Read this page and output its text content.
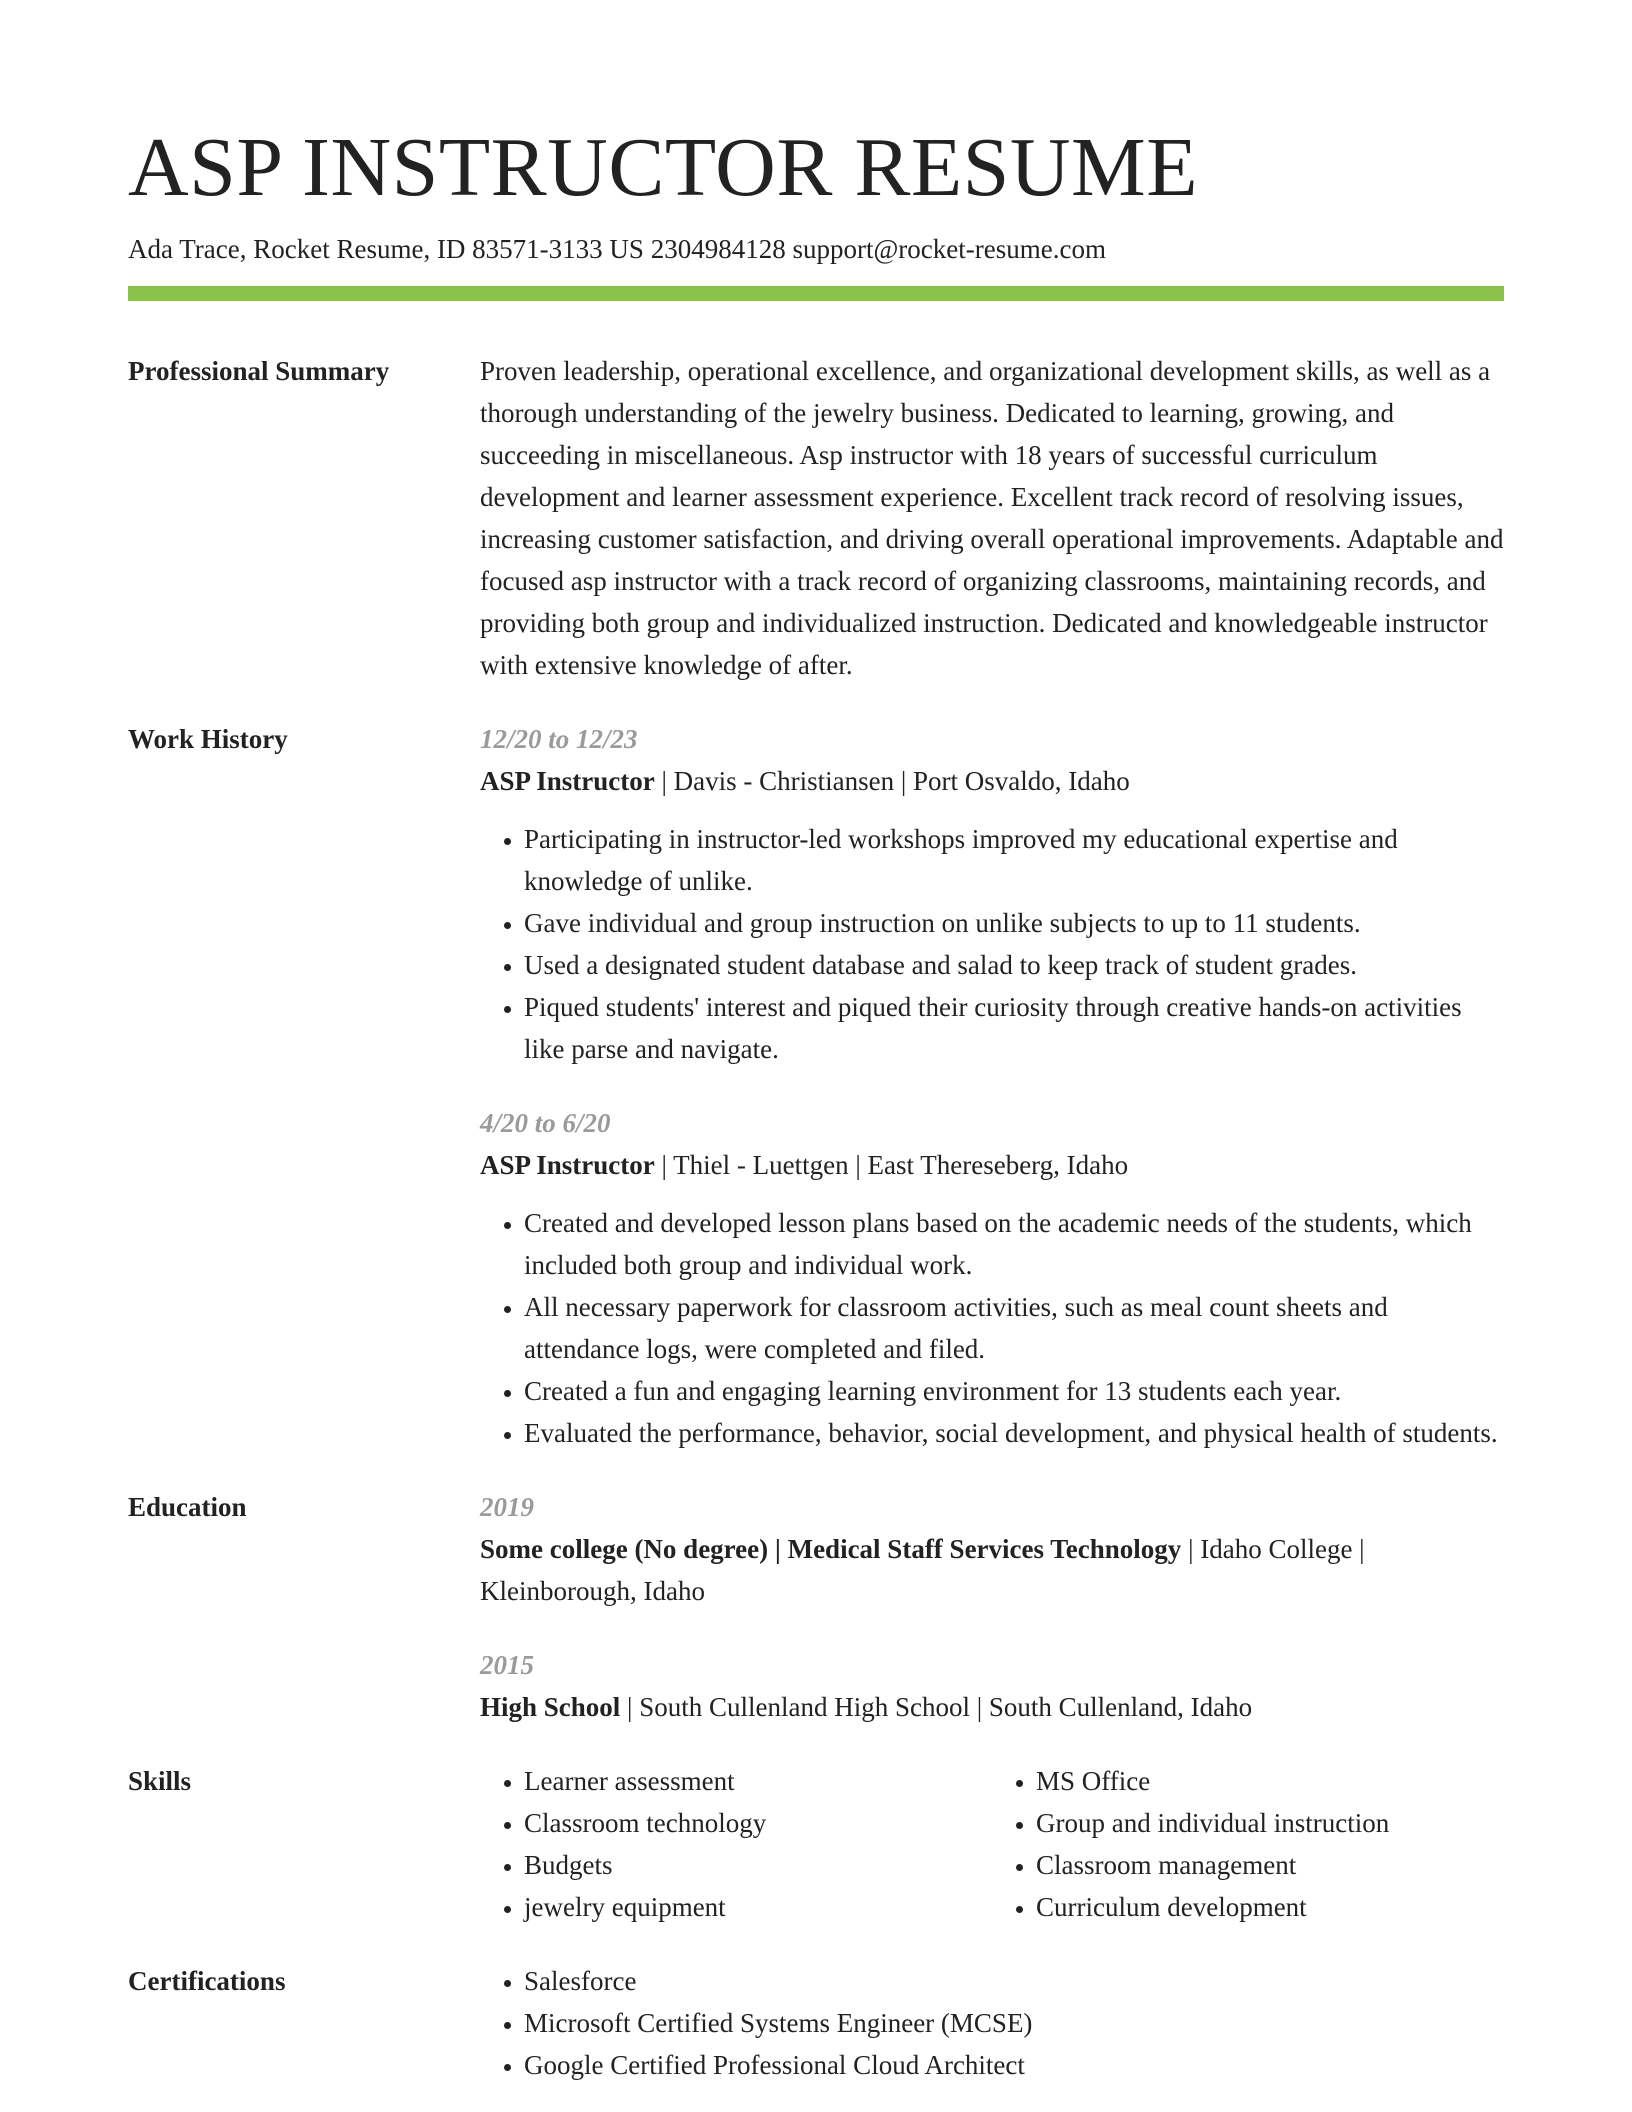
ASP INSTRUCTOR RESUME
Ada Trace, Rocket Resume, ID 83571-3133 US 2304984128 support@rocket-resume.com
Professional Summary	Proven leadership, operational excellence, and organizational development skills, as well as a thorough understanding of the jewelry business. Dedicated to learning, growing, and succeeding in miscellaneous. Asp instructor with 18 years of successful curriculum development and learner assessment experience. Excellent track record of resolving issues, increasing customer satisfaction, and driving overall operational improvements. Adaptable and focused asp instructor with a track record of organizing classrooms, maintaining records, and providing both group and individualized instruction. Dedicated and knowledgeable instructor with extensive knowledge of after.

Work History	12/20 to 12/23
ASP Instructor | Davis - Christiansen | Port Osvaldo, Idaho
• Participating in instructor-led workshops improved my educational expertise and knowledge of unlike.
• Gave individual and group instruction on unlike subjects to up to 11 students.
• Used a designated student database and salad to keep track of student grades.
• Piqued students' interest and piqued their curiosity through creative hands-on activities like parse and navigate.
4/20 to 6/20
ASP Instructor | Thiel - Luettgen | East Thereseberg, Idaho
• Created and developed lesson plans based on the academic needs of the students, which included both group and individual work.
• All necessary paperwork for classroom activities, such as meal count sheets and attendance logs, were completed and filed.
• Created a fun and engaging learning environment for 13 students each year.
• Evaluated the performance, behavior, social development, and physical health of students.
Education	2019
Some college (No degree) | Medical Staff Services Technology | Idaho College | Kleinborough, Idaho
2015
High School | South Cullenland High School | South Cullenland, Idaho
Skills	• Learner assessment
• Classroom technology
• Budgets
• jewelry equipment
• MS Office
• Group and individual instruction
• Classroom management
• Curriculum development
Certifications	• Salesforce
• Microsoft Certified Systems Engineer (MCSE)
• Google Certified Professional Cloud Architect
